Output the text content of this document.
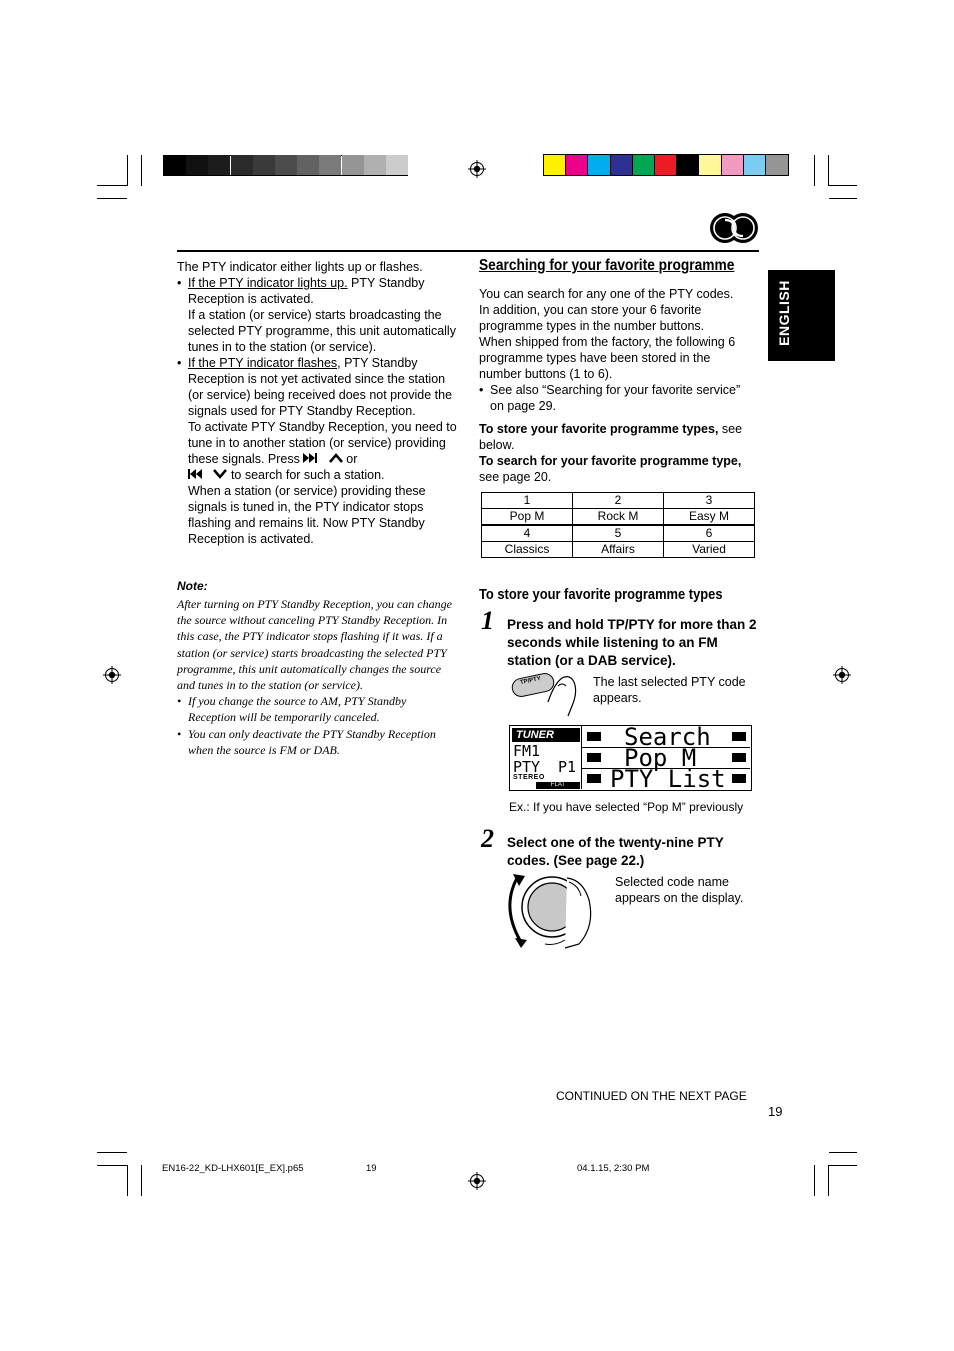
ENGLISH
The PTY indicator either lights up or flashes.
• If the PTY indicator lights up. PTY Standby Reception is activated.
If a station (or service) starts broadcasting the selected PTY programme, this unit automatically tunes in to the station (or service).
• If the PTY indicator flashes, PTY Standby Reception is not yet activated since the station (or service) being received does not provide the signals used for PTY Standby Reception.
To activate PTY Standby Reception, you need to tune in to another station (or service) providing these signals. Press	or
to search for such a station.
When a station (or service) providing these signals is tuned in, the PTY indicator stops flashing and remains lit. Now PTY Standby Reception is activated.
Note:
After turning on PTY Standby Reception, you can change the source without canceling PTY Standby Reception. In this case, the PTY indicator stops flashing if it was. If a station (or service) starts broadcasting the selected PTY programme, this unit automatically changes the source and tunes in to the station (or service).
• If you change the source to AM, PTY Standby Reception will be temporarily canceled.
• You can only deactivate the PTY Standby Reception when the source is FM or DAB.
Searching for your favorite programme
You can search for any one of the PTY codes.
In addition, you can store your 6 favorite programme types in the number buttons.
When shipped from the factory, the following 6 programme types have been stored in the number buttons (1 to 6).
• See also “Searching for your favorite service” on page 29.
To store your favorite programme types, see below.
To search for your favorite programme type, see page 20.
1	2	3
Pop M	Rock M	Easy M
4	5	6
Classics	Affairs	Varied
To store your favorite programme types
1 Press and hold TP/PTY for more than 2 seconds while listening to an FM station (or a DAB service).
TP/PTY	The last selected PTY code appears.
TUNER
FM1
PTY P1
STEREO
FLAT
Search
Pop M
PTY List
Ex.: If you have selected “Pop M” previously
2 Select one of the twenty-nine PTY codes. (See page 22.)
Selected code name appears on the display.
CONTINUED ON THE NEXT PAGE
19
EN16-22_KD-LHX601[E_EX].p65	19	04.1.15, 2:30 PM
